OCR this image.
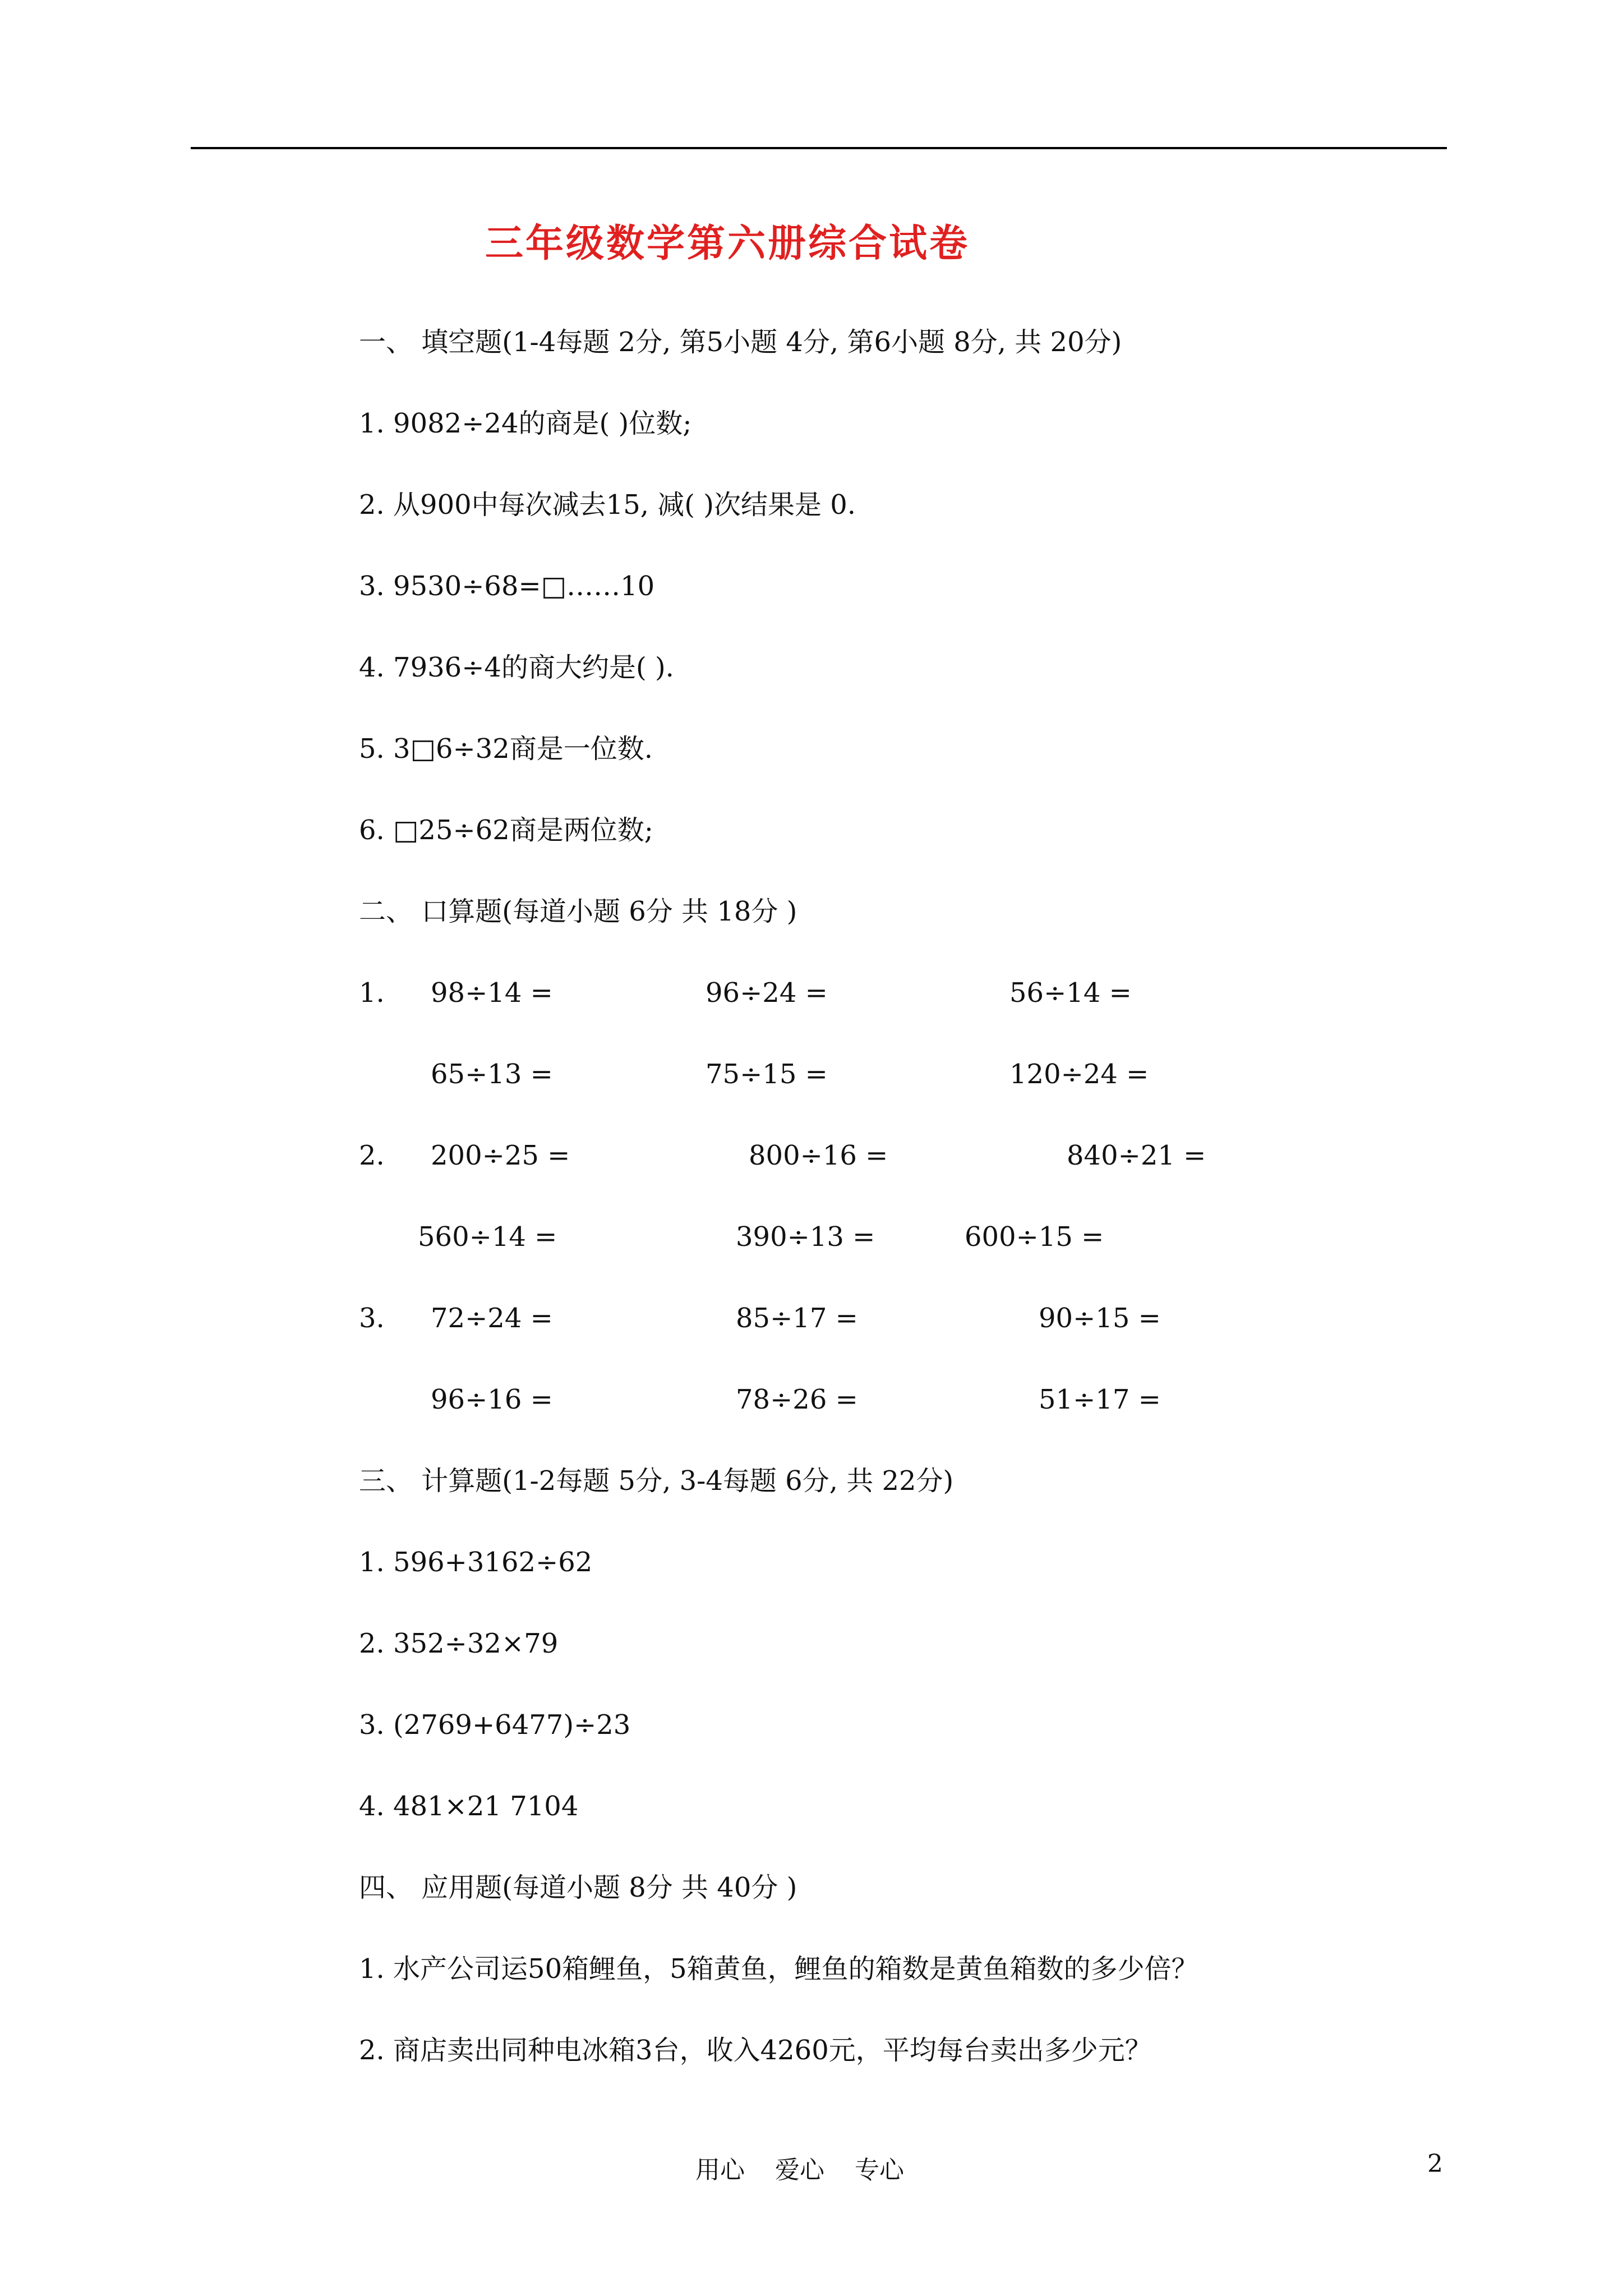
三年级数学第六册综合试卷
一、 填空题(1-4每题 2分, 第5小题 4分, 第6小题 8分, 共 20分)
1. 9082÷24的商是( )位数;
2. 从900中每次减去15, 减( )次结果是 0.
3. 9530÷68=□……10
4. 7936÷4的商大约是( ).
5. 3□6÷32商是一位数.
6. □25÷62商是两位数;
二、 口算题(每道小题 6分 共 18分 )
1. 98÷14 =	96÷24 =	56÷14 =
65÷13 =	75÷15 =	120÷24 =
2. 200÷25 =	800÷16 =	840÷21 =
560÷14 =	390÷13 =	600÷15 =
3. 72÷24 =	85÷17 =	90÷15 =
96÷16 =	78÷26 =	51÷17 =
三、 计算题(1-2每题 5分, 3-4每题 6分, 共 22分)
1. 596+3162÷62
2. 352÷32×79
3. (2769+6477)÷23
4. 481×21 7104
四、 应用题(每道小题 8分 共 40分 )
1. 水产公司运50箱鲤鱼，5箱黄鱼，鲤鱼的箱数是黄鱼箱数的多少倍？
2. 商店卖出同种电冰箱3台，收入4260元，平均每台卖出多少元？
用心 爱心 专心	2
